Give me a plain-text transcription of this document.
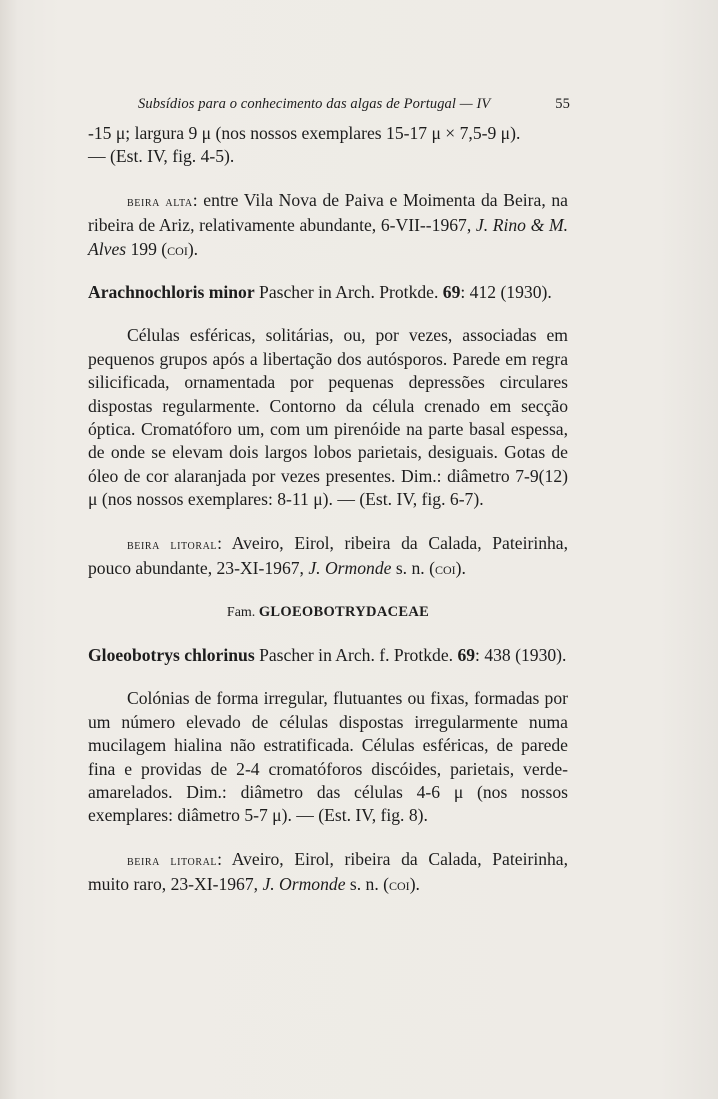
Subsídios para o conhecimento das algas de Portugal — IV	55

-15 μ; largura 9 μ (nos nossos exemplares 15-17 μ × 7,5-9 μ).
— (Est. IV, fig. 4-5).

beira alta: entre Vila Nova de Paiva e Moimenta da Beira, na ribeira de Ariz, relativamente abundante, 6-VII--1967, J. Rino & M. Alves 199 (coi).

Arachnochloris minor Pascher in Arch. Protkde. 69: 412 (1930).

Células esféricas, solitárias, ou, por vezes, associadas em pequenos grupos após a libertação dos autósporos. Parede em regra silicificada, ornamentada por pequenas depressões circulares dispostas regularmente. Contorno da célula crenado em secção óptica. Cromatóforo um, com um pirenóide na parte basal espessa, de onde se elevam dois largos lobos parietais, desiguais. Gotas de óleo de cor alaranjada por vezes presentes. Dim.: diâmetro 7-9(12) μ (nos nossos exemplares: 8-11 μ). — (Est. IV, fig. 6-7).

beira litoral: Aveiro, Eirol, ribeira da Calada, Pateirinha, pouco abundante, 23-XI-1967, J. Ormonde s. n. (coi).

Fam. GLOEOBOTRYDACEAE

Gloeobotrys chlorinus Pascher in Arch. f. Protkde. 69: 438 (1930).

Colónias de forma irregular, flutuantes ou fixas, formadas por um número elevado de células dispostas irregularmente numa mucilagem hialina não estratificada. Células esféricas, de parede fina e providas de 2-4 cromatóforos discóides, parietais, verde-amarelados. Dim.: diâmetro das células 4-6 μ (nos nossos exemplares: diâmetro 5-7 μ). — (Est. IV, fig. 8).

beira litoral: Aveiro, Eirol, ribeira da Calada, Pateirinha, muito raro, 23-XI-1967, J. Ormonde s. n. (coi).
